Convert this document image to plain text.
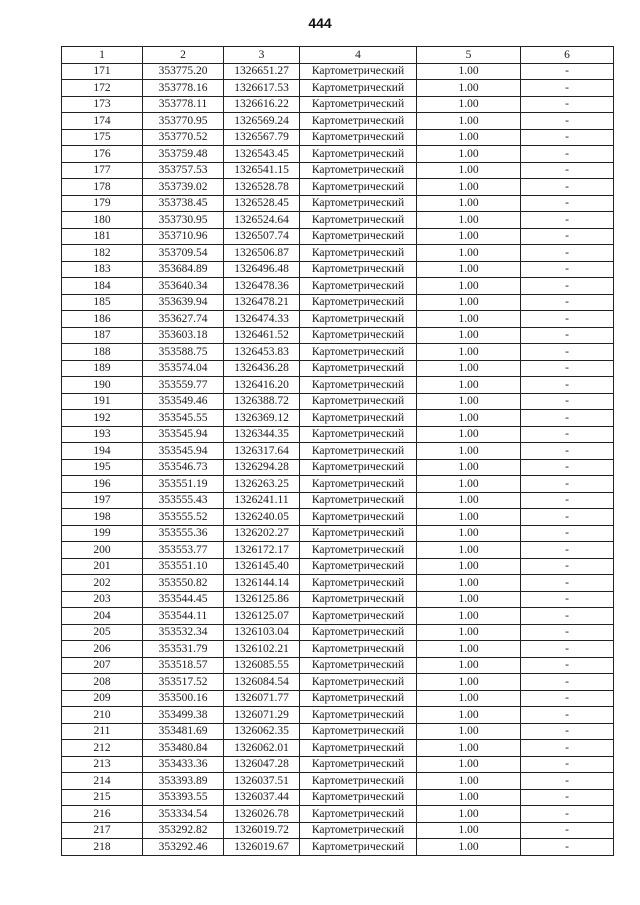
444
1	2	3	4	5	6
171	353775.20	1326651.27	Картометрический	1.00	-
172	353778.16	1326617.53	Картометрический	1.00	-
173	353778.11	1326616.22	Картометрический	1.00	-
174	353770.95	1326569.24	Картометрический	1.00	-
175	353770.52	1326567.79	Картометрический	1.00	-
176	353759.48	1326543.45	Картометрический	1.00	-
177	353757.53	1326541.15	Картометрический	1.00	-
178	353739.02	1326528.78	Картометрический	1.00	-
179	353738.45	1326528.45	Картометрический	1.00	-
180	353730.95	1326524.64	Картометрический	1.00	-
181	353710.96	1326507.74	Картометрический	1.00	-
182	353709.54	1326506.87	Картометрический	1.00	-
183	353684.89	1326496.48	Картометрический	1.00	-
184	353640.34	1326478.36	Картометрический	1.00	-
185	353639.94	1326478.21	Картометрический	1.00	-
186	353627.74	1326474.33	Картометрический	1.00	-
187	353603.18	1326461.52	Картометрический	1.00	-
188	353588.75	1326453.83	Картометрический	1.00	-
189	353574.04	1326436.28	Картометрический	1.00	-
190	353559.77	1326416.20	Картометрический	1.00	-
191	353549.46	1326388.72	Картометрический	1.00	-
192	353545.55	1326369.12	Картометрический	1.00	-
193	353545.94	1326344.35	Картометрический	1.00	-
194	353545.94	1326317.64	Картометрический	1.00	-
195	353546.73	1326294.28	Картометрический	1.00	-
196	353551.19	1326263.25	Картометрический	1.00	-
197	353555.43	1326241.11	Картометрический	1.00	-
198	353555.52	1326240.05	Картометрический	1.00	-
199	353555.36	1326202.27	Картометрический	1.00	-
200	353553.77	1326172.17	Картометрический	1.00	-
201	353551.10	1326145.40	Картометрический	1.00	-
202	353550.82	1326144.14	Картометрический	1.00	-
203	353544.45	1326125.86	Картометрический	1.00	-
204	353544.11	1326125.07	Картометрический	1.00	-
205	353532.34	1326103.04	Картометрический	1.00	-
206	353531.79	1326102.21	Картометрический	1.00	-
207	353518.57	1326085.55	Картометрический	1.00	-
208	353517.52	1326084.54	Картометрический	1.00	-
209	353500.16	1326071.77	Картометрический	1.00	-
210	353499.38	1326071.29	Картометрический	1.00	-
211	353481.69	1326062.35	Картометрический	1.00	-
212	353480.84	1326062.01	Картометрический	1.00	-
213	353433.36	1326047.28	Картометрический	1.00	-
214	353393.89	1326037.51	Картометрический	1.00	-
215	353393.55	1326037.44	Картометрический	1.00	-
216	353334.54	1326026.78	Картометрический	1.00	-
217	353292.82	1326019.72	Картометрический	1.00	-
218	353292.46	1326019.67	Картометрический	1.00	-
